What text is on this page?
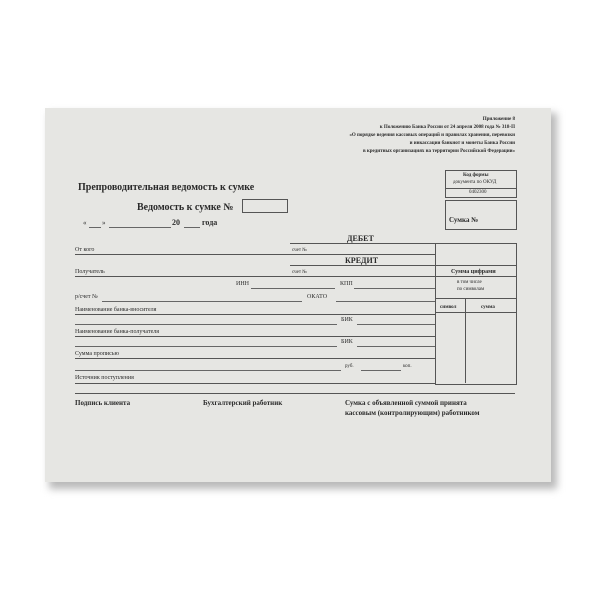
Приложение 8
к Положению Банка России от 24 апреля 2008 года № 318-П
«О порядке ведения кассовых операций и правилах хранения, перевозки
и инкассации банкнот и монеты Банка России
в кредитных организациях на территории Российской Федерации»
Код формы
документа по ОКУД
0402300
Препроводительная ведомость к сумке
Ведомость к сумке №
« »	20	года	Сумка №
ДЕБЕТ
От кого	счет №
КРЕДИТ
Получатель	счет №
ИНН	КПП
р/счет №	ОКАТО
Наименование банка-вносителя
БИК
Наименование банка-получателя
БИК
Сумма прописью
руб.	коп.
Источник поступления
Сумма цифрами
в том числе
по символам
символ	сумма
Подпись клиента	Бухгалтерский работник	Сумка с объявленной суммой принята
кассовым (контролирующим) работником
